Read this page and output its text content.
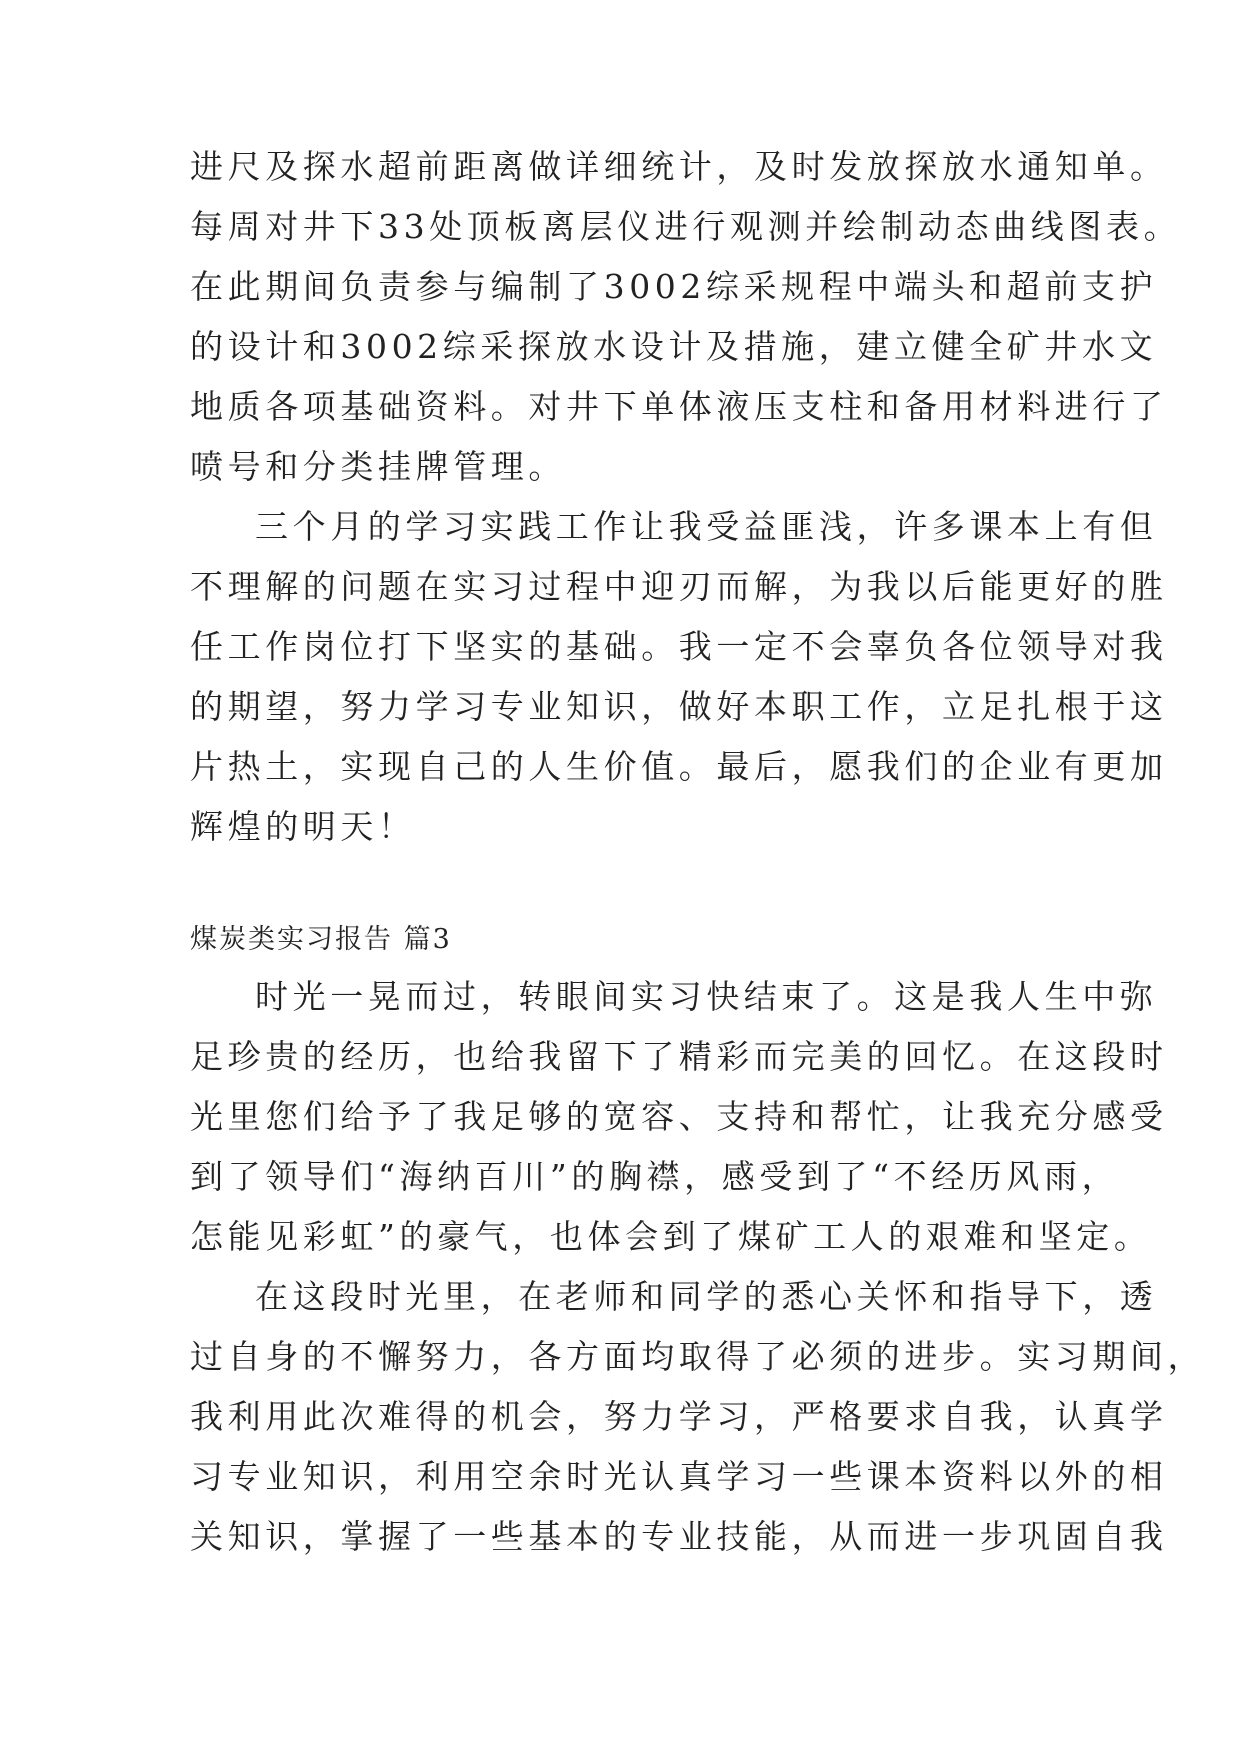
进尺及探水超前距离做详细统计，及时发放探放水通知单。
每周对井下33处顶板离层仪进行观测并绘制动态曲线图表。
在此期间负责参与编制了3002综采规程中端头和超前支护
的设计和3002综采探放水设计及措施，建立健全矿井水文
地质各项基础资料。对井下单体液压支柱和备用材料进行了
喷号和分类挂牌管理。
三个月的学习实践工作让我受益匪浅，许多课本上有但
不理解的问题在实习过程中迎刃而解，为我以后能更好的胜
任工作岗位打下坚实的基础。我一定不会辜负各位领导对我
的期望，努力学习专业知识，做好本职工作，立足扎根于这
片热土，实现自己的人生价值。最后，愿我们的企业有更加
辉煌的明天！
煤炭类实习报告 篇3
时光一晃而过，转眼间实习快结束了。这是我人生中弥
足珍贵的经历，也给我留下了精彩而完美的回忆。在这段时
光里您们给予了我足够的宽容、支持和帮忙，让我充分感受
到了领导们“海纳百川”的胸襟，感受到了“不经历风雨，
怎能见彩虹”的豪气，也体会到了煤矿工人的艰难和坚定。
在这段时光里，在老师和同学的悉心关怀和指导下，透
过自身的不懈努力，各方面均取得了必须的进步。实习期间，
我利用此次难得的机会，努力学习，严格要求自我，认真学
习专业知识，利用空余时光认真学习一些课本资料以外的相
关知识，掌握了一些基本的专业技能，从而进一步巩固自我
